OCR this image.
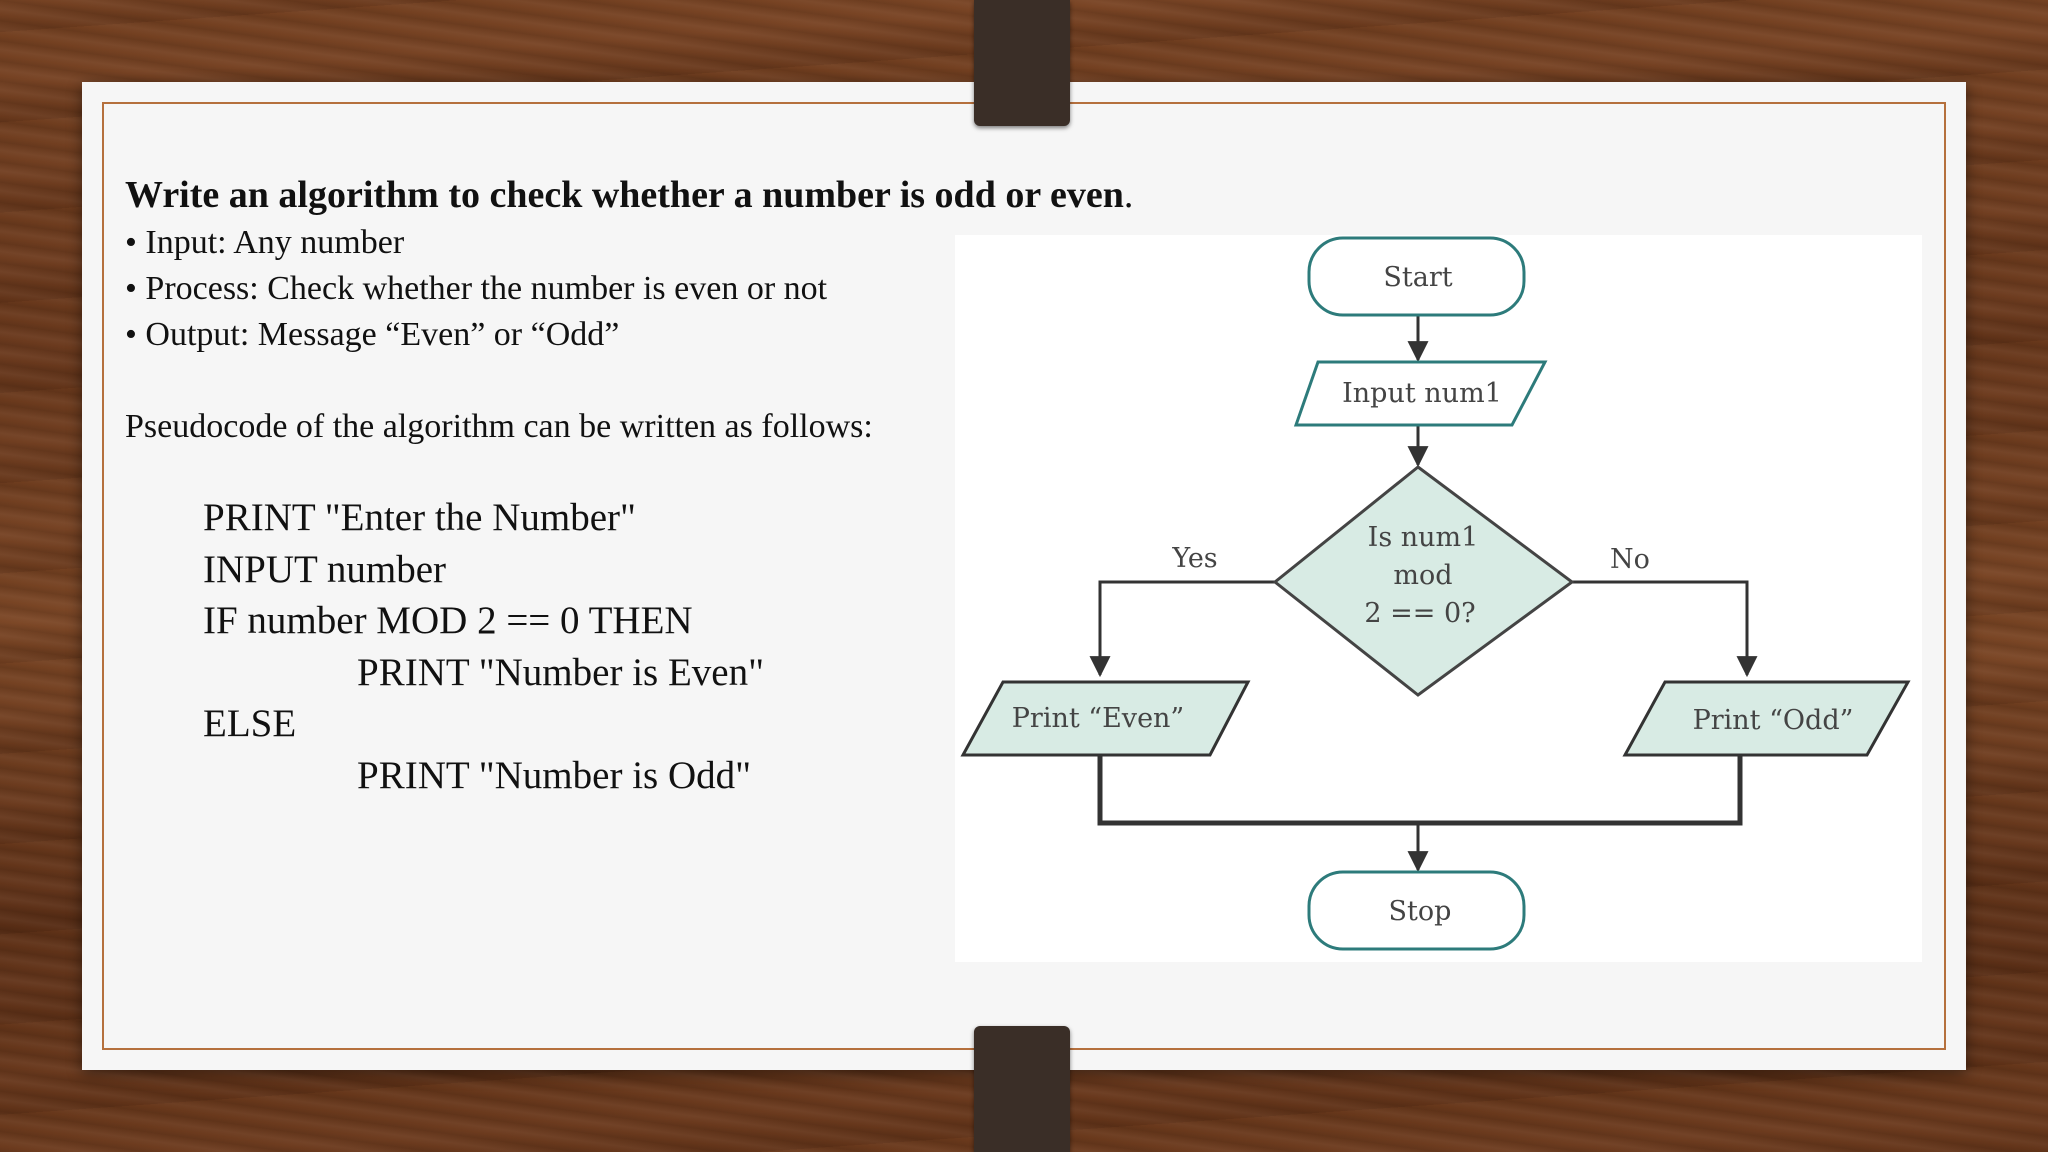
Write an algorithm to check whether a number is odd or even.
• Input: Any number
• Process: Check whether the number is even or not
• Output: Message “Even” or “Odd”
Pseudocode of the algorithm can be written as follows:
PRINT "Enter the Number"
INPUT number
IF number MOD 2 == 0 THEN
PRINT "Number is Even"
ELSE
PRINT "Number is Odd"
Start
Input num1
Is num1
mod
2 == 0?
Yes	No
Print “Even”	Print “Odd”
Stop
